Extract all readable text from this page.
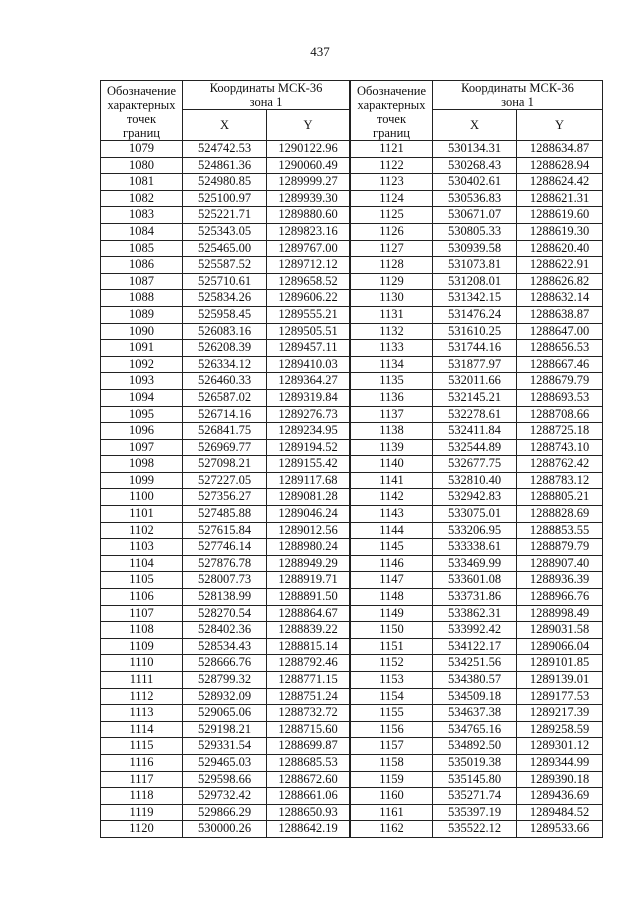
437
Обозначение
характерных
точек
границ	Координаты МСК-36
зона 1	
	X	Y
1079	524742.53	1290122.96
1080	524861.36	1290060.49
1081	524980.85	1289999.27
1082	525100.97	1289939.30
1083	525221.71	1289880.60
1084	525343.05	1289823.16
1085	525465.00	1289767.00
1086	525587.52	1289712.12
1087	525710.61	1289658.52
1088	525834.26	1289606.22
1089	525958.45	1289555.21
1090	526083.16	1289505.51
1091	526208.39	1289457.11
1092	526334.12	1289410.03
1093	526460.33	1289364.27
1094	526587.02	1289319.84
1095	526714.16	1289276.73
1096	526841.75	1289234.95
1097	526969.77	1289194.52
1098	527098.21	1289155.42
1099	527227.05	1289117.68
1100	527356.27	1289081.28
1101	527485.88	1289046.24
1102	527615.84	1289012.56
1103	527746.14	1288980.24
1104	527876.78	1288949.29
1105	528007.73	1288919.71
1106	528138.99	1288891.50
1107	528270.54	1288864.67
1108	528402.36	1288839.22
1109	528534.43	1288815.14
1110	528666.76	1288792.46
1111	528799.32	1288771.15
1112	528932.09	1288751.24
1113	529065.06	1288732.72
1114	529198.21	1288715.60
1115	529331.54	1288699.87
1116	529465.03	1288685.53
1117	529598.66	1288672.60
1118	529732.42	1288661.06
1119	529866.29	1288650.93
1120	530000.26	1288642.19
Обозначение
характерных
точек
границ	Координаты МСК-36
зона 1	
	X	Y
1121	530134.31	1288634.87
1122	530268.43	1288628.94
1123	530402.61	1288624.42
1124	530536.83	1288621.31
1125	530671.07	1288619.60
1126	530805.33	1288619.30
1127	530939.58	1288620.40
1128	531073.81	1288622.91
1129	531208.01	1288626.82
1130	531342.15	1288632.14
1131	531476.24	1288638.87
1132	531610.25	1288647.00
1133	531744.16	1288656.53
1134	531877.97	1288667.46
1135	532011.66	1288679.79
1136	532145.21	1288693.53
1137	532278.61	1288708.66
1138	532411.84	1288725.18
1139	532544.89	1288743.10
1140	532677.75	1288762.42
1141	532810.40	1288783.12
1142	532942.83	1288805.21
1143	533075.01	1288828.69
1144	533206.95	1288853.55
1145	533338.61	1288879.79
1146	533469.99	1288907.40
1147	533601.08	1288936.39
1148	533731.86	1288966.76
1149	533862.31	1288998.49
1150	533992.42	1289031.58
1151	534122.17	1289066.04
1152	534251.56	1289101.85
1153	534380.57	1289139.01
1154	534509.18	1289177.53
1155	534637.38	1289217.39
1156	534765.16	1289258.59
1157	534892.50	1289301.12
1158	535019.38	1289344.99
1159	535145.80	1289390.18
1160	535271.74	1289436.69
1161	535397.19	1289484.52
1162	535522.12	1289533.66
